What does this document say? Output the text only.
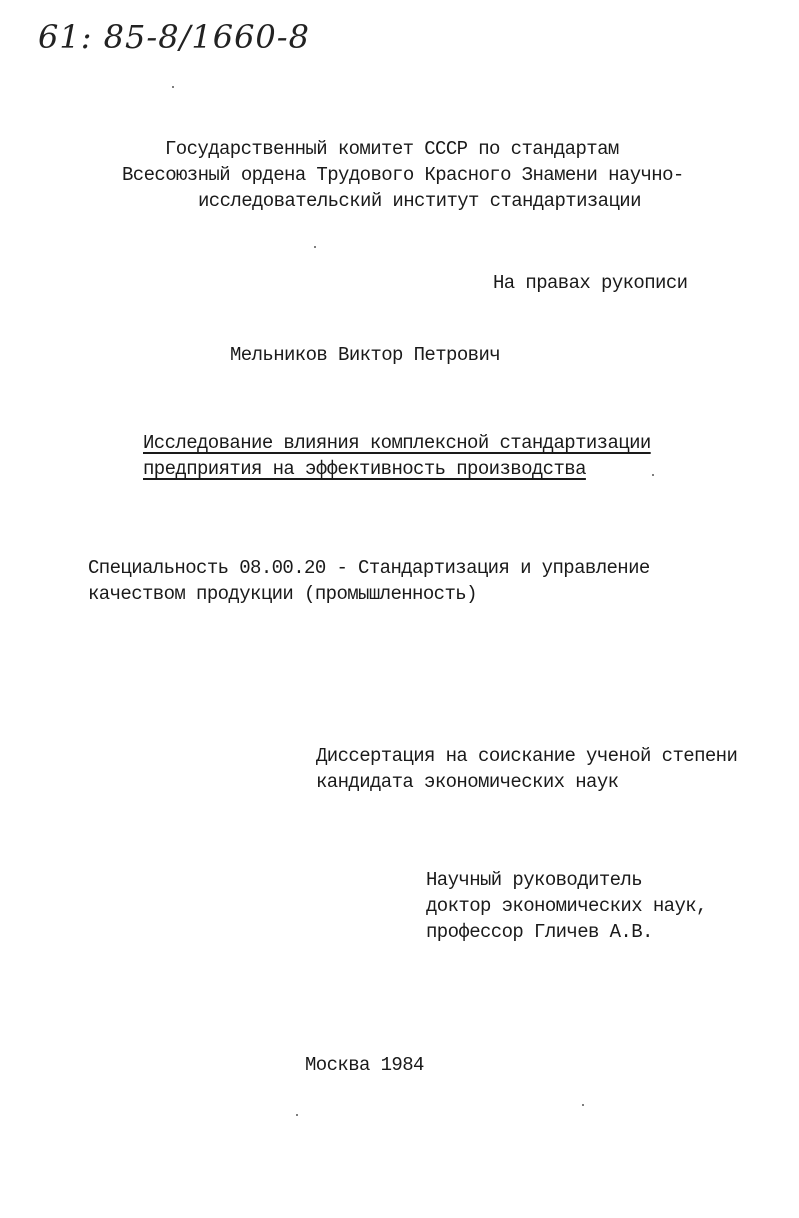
61: 85-8/1660-8
Государственный комитет СССР по стандартам
Всесоюзный ордена Трудового Красного Знамени научно-
исследовательский институт стандартизации
На правах рукописи
Мельников Виктор Петрович
Исследование влияния комплексной стандартизации
предприятия на эффективность производства
Специальность 08.00.20 - Стандартизация и управление
качеством продукции (промышленность)
Диссертация на соискание ученой степени
кандидата экономических наук
Научный руководитель
доктор экономических наук,
профессор Гличев А.В.
Москва 1984
